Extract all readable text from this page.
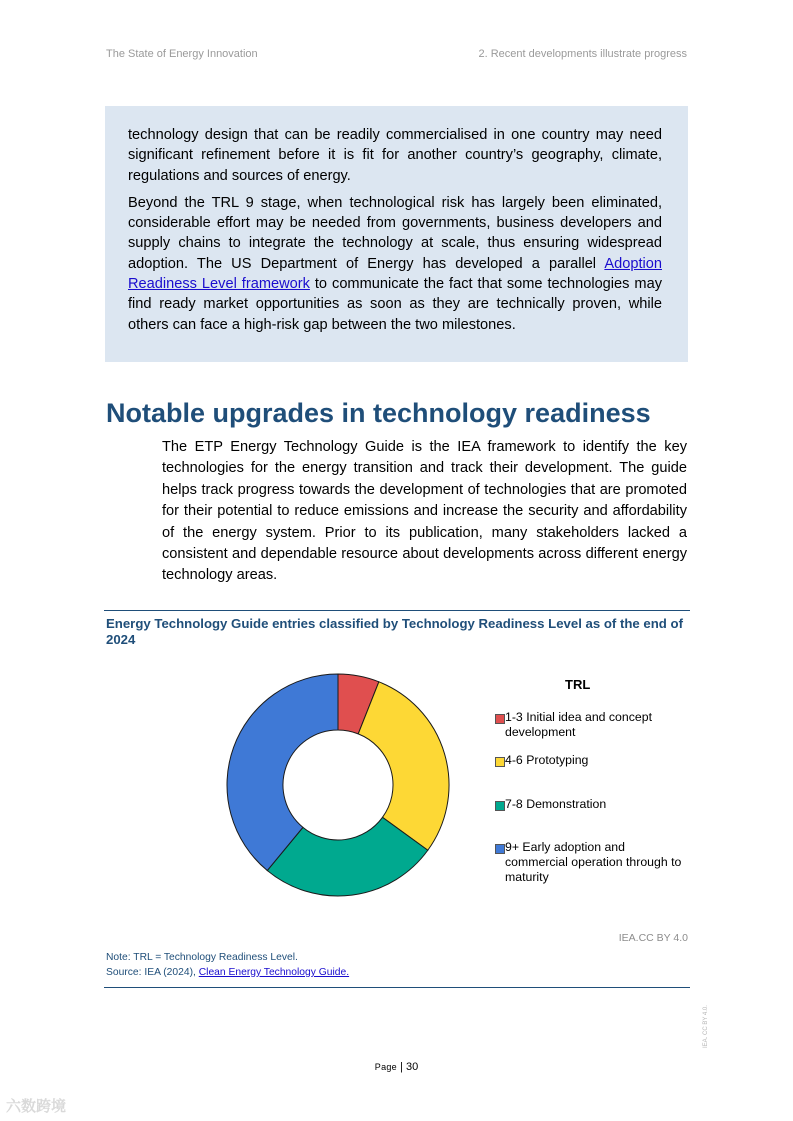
The State of Energy Innovation	2. Recent developments illustrate progress

technology design that can be readily commercialised in one country may need significant refinement before it is fit for another country’s geography, climate, regulations and sources of energy.

Beyond the TRL 9 stage, when technological risk has largely been eliminated, considerable effort may be needed from governments, business developers and supply chains to integrate the technology at scale, thus ensuring widespread adoption. The US Department of Energy has developed a parallel Adoption Readiness Level framework to communicate the fact that some technologies may find ready market opportunities as soon as they are technically proven, while others can face a high-risk gap between the two milestones.

Notable upgrades in technology readiness

The ETP Energy Technology Guide is the IEA framework to identify the key technologies for the energy transition and track their development. The guide helps track progress towards the development of technologies that are promoted for their potential to reduce emissions and increase the security and affordability of the energy system. Prior to its publication, many stakeholders lacked a consistent and dependable resource about developments across different energy technology areas.

Energy Technology Guide entries classified by Technology Readiness Level as of the end of 2024
TRL
1-3 Initial idea and concept development
4-6 Prototyping
7-8 Demonstration
9+ Early adoption and commercial operation through to maturity
IEA.CC BY 4.0
Note: TRL = Technology Readiness Level.
Source: IEA (2024), Clean Energy Technology Guide.
Page | 30
IEA. CC BY 4.0.
六数跨境
